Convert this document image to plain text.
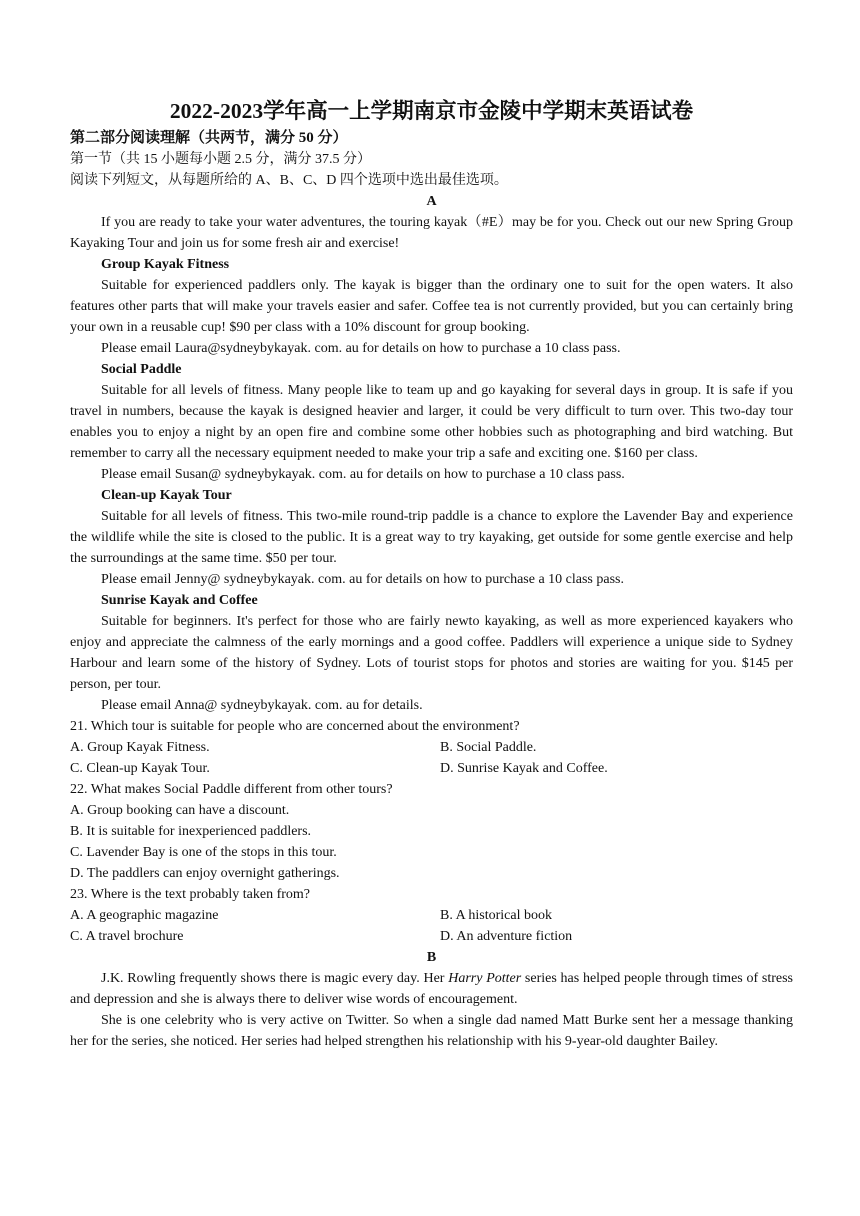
2022-2023学年高一上学期南京市金陵中学期末英语试卷

第二部分阅读理解（共两节，满分 50 分）

第一节（共 15 小题每小题 2.5 分，满分 37.5 分）

阅读下列短文，从每题所给的 A、B、C、D 四个选项中选出最佳选项。

A

If you are ready to take your water adventures, the touring kayak（#E）may be for you. Check out our new Spring Group Kayaking Tour and join us for some fresh air and exercise!

Group Kayak Fitness

Suitable for experienced paddlers only. The kayak is bigger than the ordinary one to suit for the open waters. It also features other parts that will make your travels easier and safer. Coffee tea is not currently provided, but you can certainly bring your own in a reusable cup! $90 per class with a 10% discount for group booking.

Please email Laura@sydneybykayak. com. au for details on how to purchase a 10 class pass.

Social Paddle

Suitable for all levels of fitness. Many people like to team up and go kayaking for several days in group. It is safe if you travel in numbers, because the kayak is designed heavier and larger, it could be very difficult to turn over. This two-day tour enables you to enjoy a night by an open fire and combine some other hobbies such as photographing and bird watching. But remember to carry all the necessary equipment needed to make your trip a safe and exciting one. $160 per class.

Please email Susan@ sydneybykayak. com. au for details on how to purchase a 10 class pass.

Clean-up Kayak Tour

Suitable for all levels of fitness. This two-mile round-trip paddle is a chance to explore the Lavender Bay and experience the wildlife while the site is closed to the public. It is a great way to try kayaking, get outside for some gentle exercise and help the surroundings at the same time. $50 per tour.

Please email Jenny@ sydneybykayak. com. au for details on how to purchase a 10 class pass.

Sunrise Kayak and Coffee

Suitable for beginners. It's perfect for those who are fairly newto kayaking, as well as more experienced kayakers who enjoy and appreciate the calmness of the early mornings and a good coffee. Paddlers will experience a unique side to Sydney Harbour and learn some of the history of Sydney. Lots of tourist stops for photos and stories are waiting for you. $145 per person, per tour.

Please email Anna@ sydneybykayak. com. au for details.

21. Which tour is suitable for people who are concerned about the environment?

A. Group Kayak Fitness.	B. Social Paddle.
C. Clean-up Kayak Tour.	D. Sunrise Kayak and Coffee.

22. What makes Social Paddle different from other tours?

A. Group booking can have a discount.

B. It is suitable for inexperienced paddlers.

C. Lavender Bay is one of the stops in this tour.

D. The paddlers can enjoy overnight gatherings.

23. Where is the text probably taken from?

A. A geographic magazine	B. A historical book
C. A travel brochure	D. An adventure fiction

B

J.K. Rowling frequently shows there is magic every day. Her Harry Potter series has helped people through times of stress and depression and she is always there to deliver wise words of encouragement.

She is one celebrity who is very active on Twitter. So when a single dad named Matt Burke sent her a message thanking her for the series, she noticed. Her series had helped strengthen his relationship with his 9-year-old daughter Bailey.
